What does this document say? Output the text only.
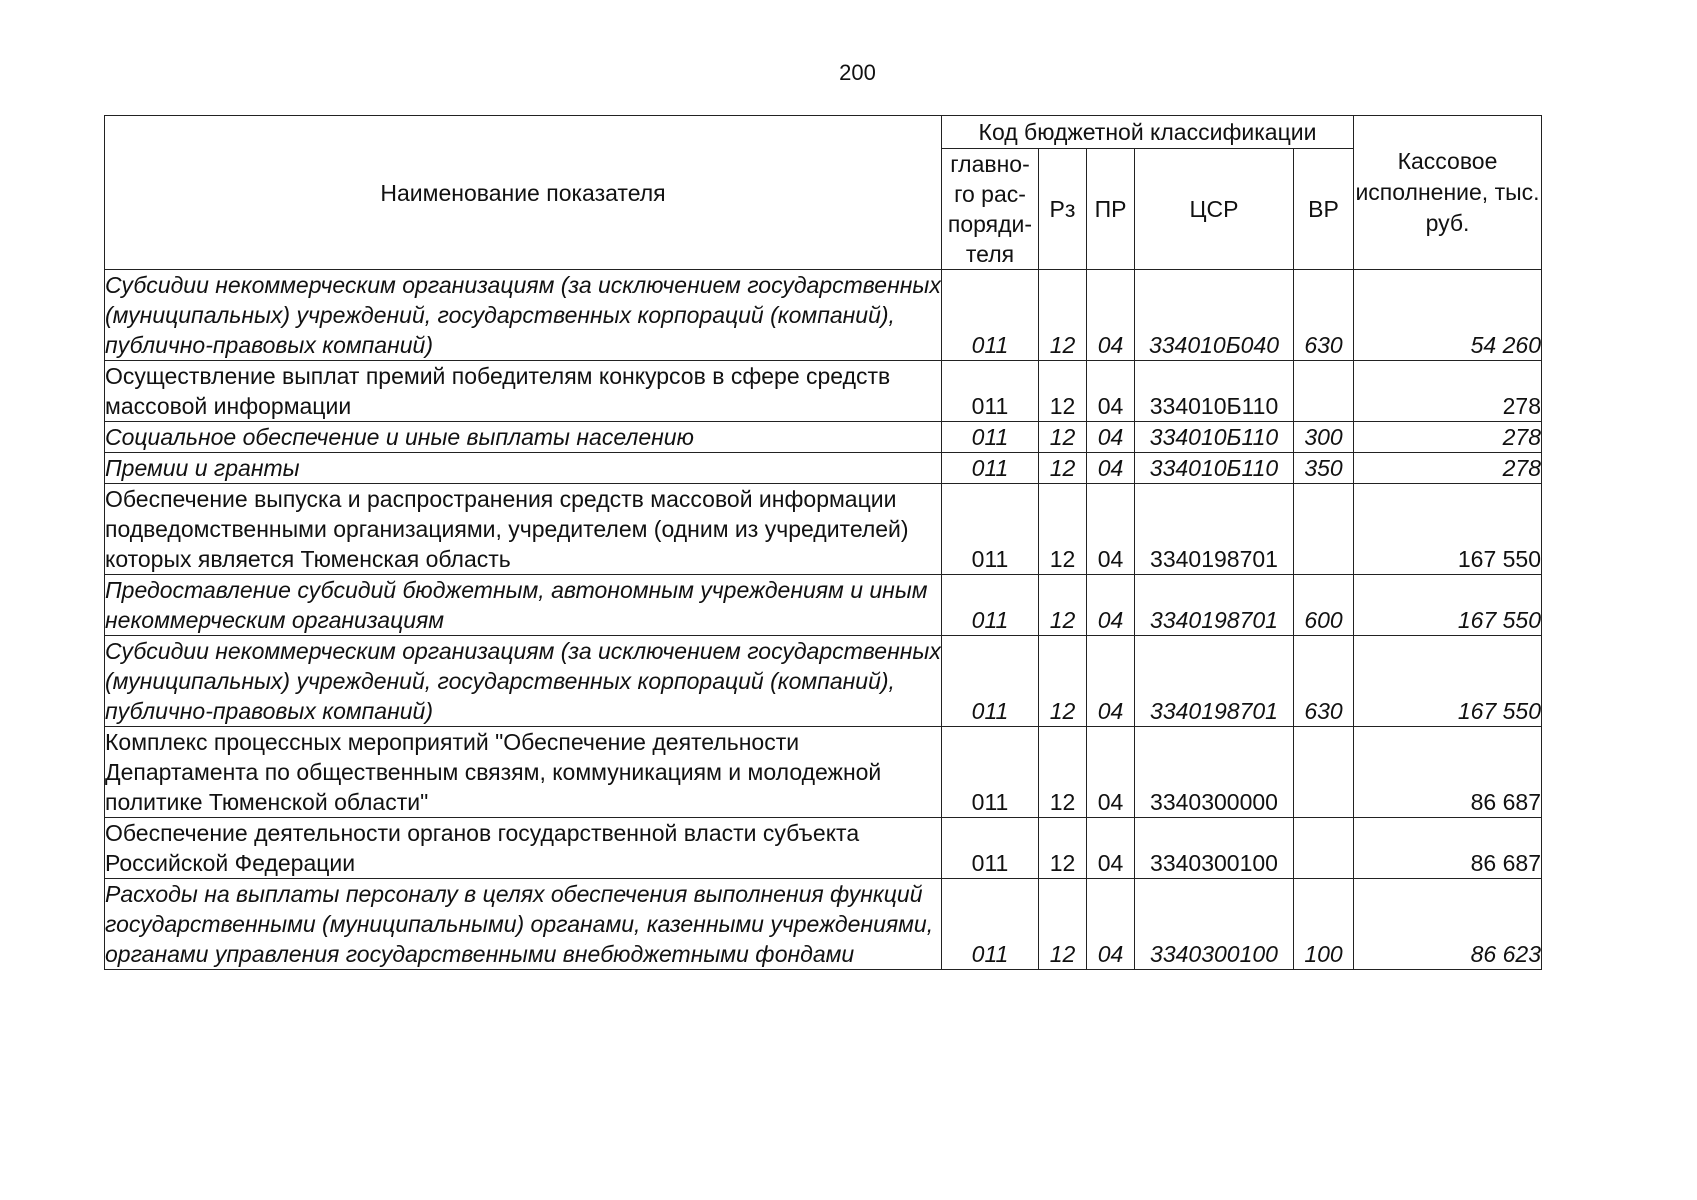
200
Наименование показателя	Код бюджетной классификации					Кассовое исполнение, тыс. руб.
	главно-го рас-поряди-теля	Рз	ПР	ЦСР	ВР	
Субсидии некоммерческим организациям (за исключением государственных (муниципальных) учреждений, государственных корпораций (компаний), публично-правовых компаний)	011	12	04	334010Б040	630	54 260
Осуществление выплат премий победителям конкурсов в сфере средств массовой информации	011	12	04	334010Б110		278
Социальное обеспечение и иные выплаты населению	011	12	04	334010Б110	300	278
Премии и гранты	011	12	04	334010Б110	350	278
Обеспечение выпуска и распространения средств массовой информации подведомственными организациями, учредителем (одним из учредителей) которых является Тюменская область	011	12	04	3340198701		167 550
Предоставление субсидий бюджетным, автономным учреждениям и иным некоммерческим организациям	011	12	04	3340198701	600	167 550
Субсидии некоммерческим организациям (за исключением государственных (муниципальных) учреждений, государственных корпораций (компаний), публично-правовых компаний)	011	12	04	3340198701	630	167 550
Комплекс процессных мероприятий "Обеспечение деятельности Департамента по общественным связям, коммуникациям и молодежной политике Тюменской области"	011	12	04	3340300000		86 687
Обеспечение деятельности органов государственной власти субъекта Российской Федерации	011	12	04	3340300100		86 687
Расходы на выплаты персоналу в целях обеспечения выполнения функций государственными (муниципальными) органами, казенными учреждениями, органами управления государственными внебюджетными фондами	011	12	04	3340300100	100	86 623
